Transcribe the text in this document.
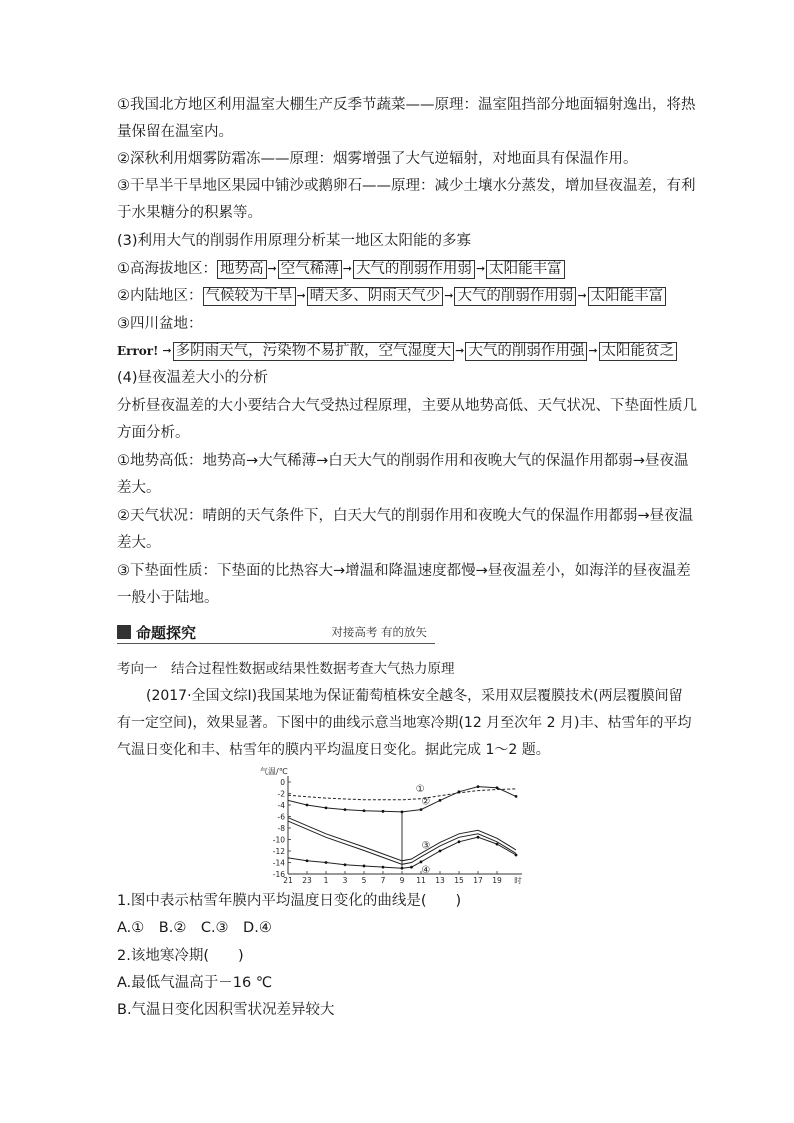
①我国北方地区利用温室大棚生产反季节蔬菜——原理：温室阻挡部分地面辐射逸出，将热
量保留在温室内。
②深秋利用烟雾防霜冻——原理：烟雾增强了大气逆辐射，对地面具有保温作用。
③干旱半干旱地区果园中铺沙或鹅卵石——原理：减少土壤水分蒸发，增加昼夜温差，有利
于水果糖分的积累等。
(3)利用大气的削弱作用原理分析某一地区太阳能的多寡
①高海拔地区： 地势高 ➞ 空气稀薄 ➞ 大气的削弱作用弱 ➞ 太阳能丰富
②内陆地区： 气候较为干旱 ➞ 晴天多、阴雨天气少 ➞ 大气的削弱作用弱 ➞ 太阳能丰富
③四川盆地：
Error! ➞ 多阴雨天气，污染物不易扩散，空气湿度大 ➞ 大气的削弱作用强 ➞ 太阳能贫乏
(4)昼夜温差大小的分析
分析昼夜温差的大小要结合大气受热过程原理，主要从地势高低、天气状况、下垫面性质几
方面分析。
①地势高低：地势高→大气稀薄→白天大气的削弱作用和夜晚大气的保温作用都弱→昼夜温
差大。
②天气状况：晴朗的天气条件下，白天大气的削弱作用和夜晚大气的保温作用都弱→昼夜温
差大。
③下垫面性质：下垫面的比热容大→增温和降温速度都慢→昼夜温差小，如海洋的昼夜温差
一般小于陆地。
命题探究	对接高考 有的放矢
考向一　结合过程性数据或结果性数据考查大气热力原理
(2017·全国文综Ⅰ)我国某地为保证葡萄植株安全越冬，采用双层覆膜技术(两层覆膜间留
有一定空间)，效果显著。下图中的曲线示意当地寒冷期(12 月至次年 2 月)丰、枯雪年的平均
气温日变化和丰、枯雪年的膜内平均温度日变化。据此完成 1～2 题。
气温/℃
0
-2
-4
-6
-8
-10
-12
-14
-16
21 23 1 3 5 7 9 11 13 15 17 19 时
①
②
③
④
1.图中表示枯雪年膜内平均温度日变化的曲线是(　　)
A.①　B.②　C.③　D.④
2.该地寒冷期(　　)
A.最低气温高于－16 ℃
B.气温日变化因积雪状况差异较大
